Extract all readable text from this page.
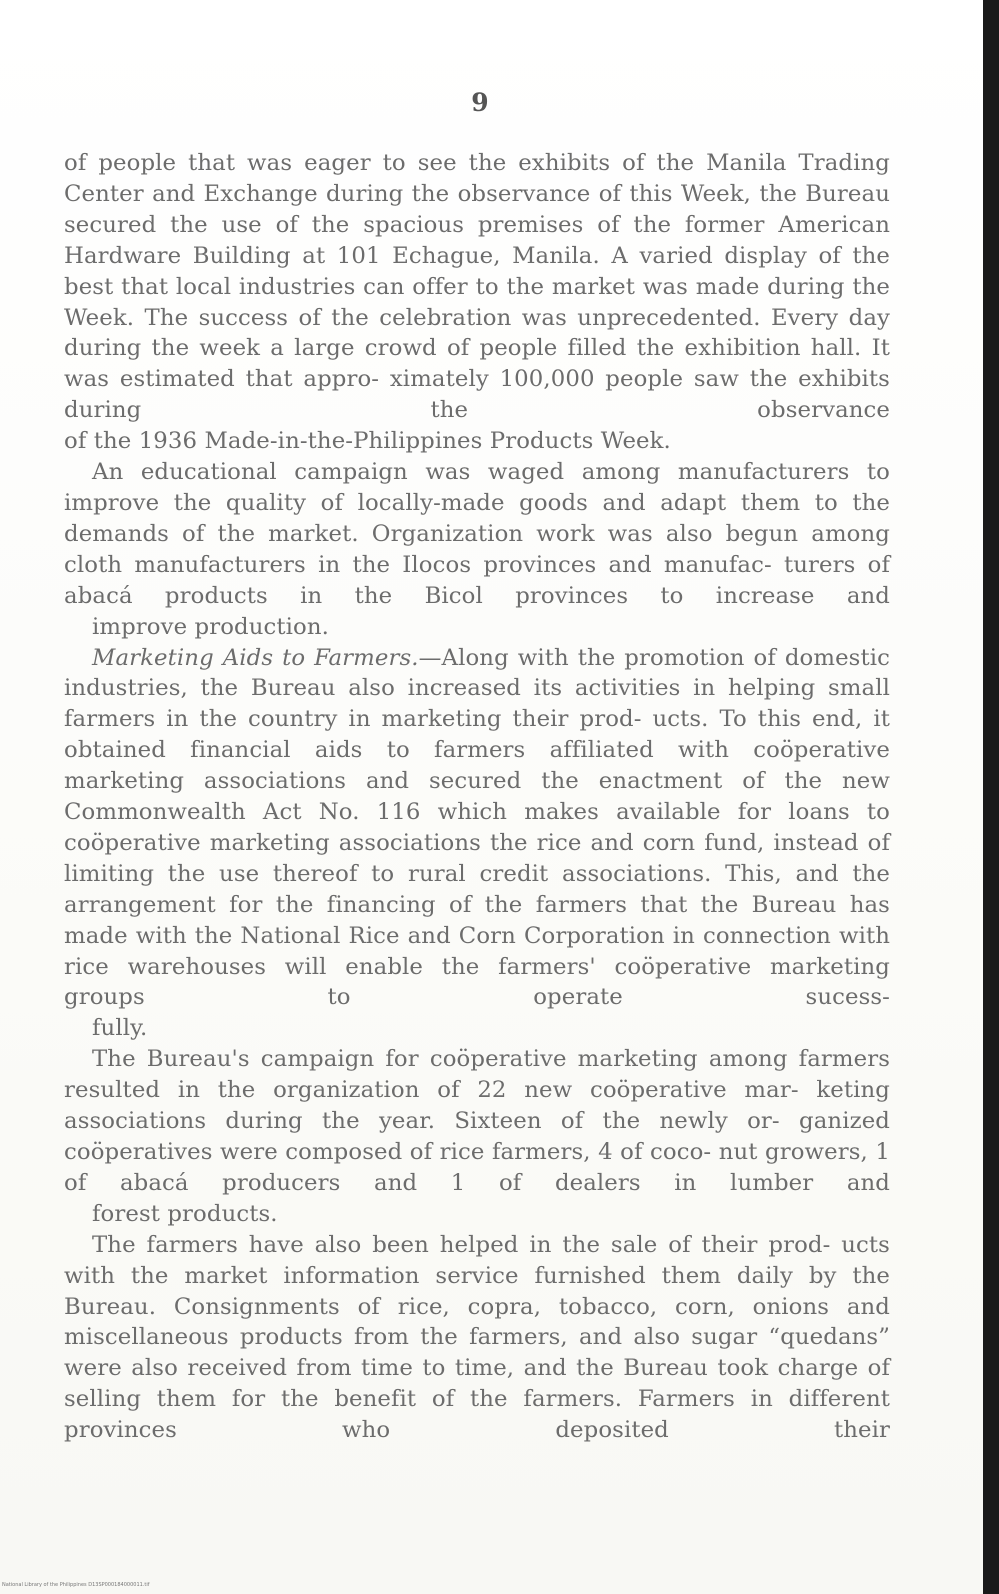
9

of people that was eager to see the exhibits of the Manila Trading Center and Exchange during the observance of this Week, the Bureau secured the use of the spacious premises of the former American Hardware Building at 101 Echague, Manila. A varied display of the best that local industries can offer to the market was made during the Week. The success of the celebration was unprecedented. Every day during the week a large crowd of people filled the exhibition hall. It was estimated that appro- ximately 100,000 people saw the exhibits during the observance
of the 1936 Made-in-the-Philippines Products Week.

An educational campaign was waged among manufacturers to improve the quality of locally-made goods and adapt them to the demands of the market. Organization work was also begun among cloth manufacturers in the Ilocos provinces and manufac- turers of abacá products in the Bicol provinces to increase and
improve production.

Marketing Aids to Farmers.—Along with the promotion of domestic industries, the Bureau also increased its activities in helping small farmers in the country in marketing their prod- ucts. To this end, it obtained financial aids to farmers affiliated with coöperative marketing associations and secured the enactment of the new Commonwealth Act No. 116 which makes available for loans to coöperative marketing associations the rice and corn fund, instead of limiting the use thereof to rural credit associations. This, and the arrangement for the financing of the farmers that the Bureau has made with the National Rice and Corn Corporation in connection with rice warehouses will enable the farmers' coöperative marketing groups to operate sucess-
fully.

The Bureau's campaign for coöperative marketing among farmers resulted in the organization of 22 new coöperative mar- keting associations during the year. Sixteen of the newly or- ganized coöperatives were composed of rice farmers, 4 of coco- nut growers, 1 of abacá producers and 1 of dealers in lumber and
forest products.

The farmers have also been helped in the sale of their prod- ucts with the market information service furnished them daily by the Bureau. Consignments of rice, copra, tobacco, corn, onions and miscellaneous products from the farmers, and also sugar “quedans” were also received from time to time, and the Bureau took charge of selling them for the benefit of the farmers. Farmers in different provinces who deposited their

National Library of the Philippines D13SP000184000011.tif
